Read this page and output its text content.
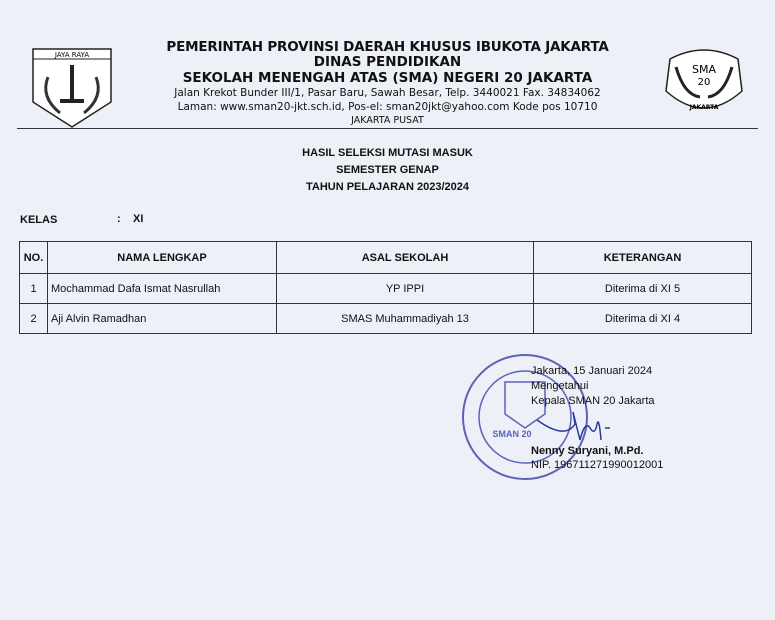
JAYA RAYA
SMA
20
JAKARTA
PEMERINTAH PROVINSI DAERAH KHUSUS IBUKOTA JAKARTA
DINAS PENDIDIKAN
SEKOLAH MENENGAH ATAS (SMA) NEGERI 20 JAKARTA
Jalan Krekot Bunder III/1, Pasar Baru, Sawah Besar, Telp. 3440021 Fax. 34834062
Laman: www.sman20-jkt.sch.id, Pos-el: sman20jkt@yahoo.com Kode pos 10710
JAKARTA PUSAT
HASIL SELEKSI MUTASI MASUK
SEMESTER GENAP
TAHUN PELAJARAN 2023/2024
KELAS	: XI
NO.	NAMA LENGKAP	ASAL SEKOLAH	KETERANGAN
1	Mochammad Dafa Ismat Nasrullah	YP IPPI	Diterima di XI 5
2	Aji Alvin Ramadhan	SMAS Muhammadiyah 13	Diterima di XI 4
SMAN 20
Jakarta, 15 Januari 2024
Mengetahui
Kepala SMAN 20 Jakarta
Nenny Suryani, M.Pd.
NIP. 196711271990012001
